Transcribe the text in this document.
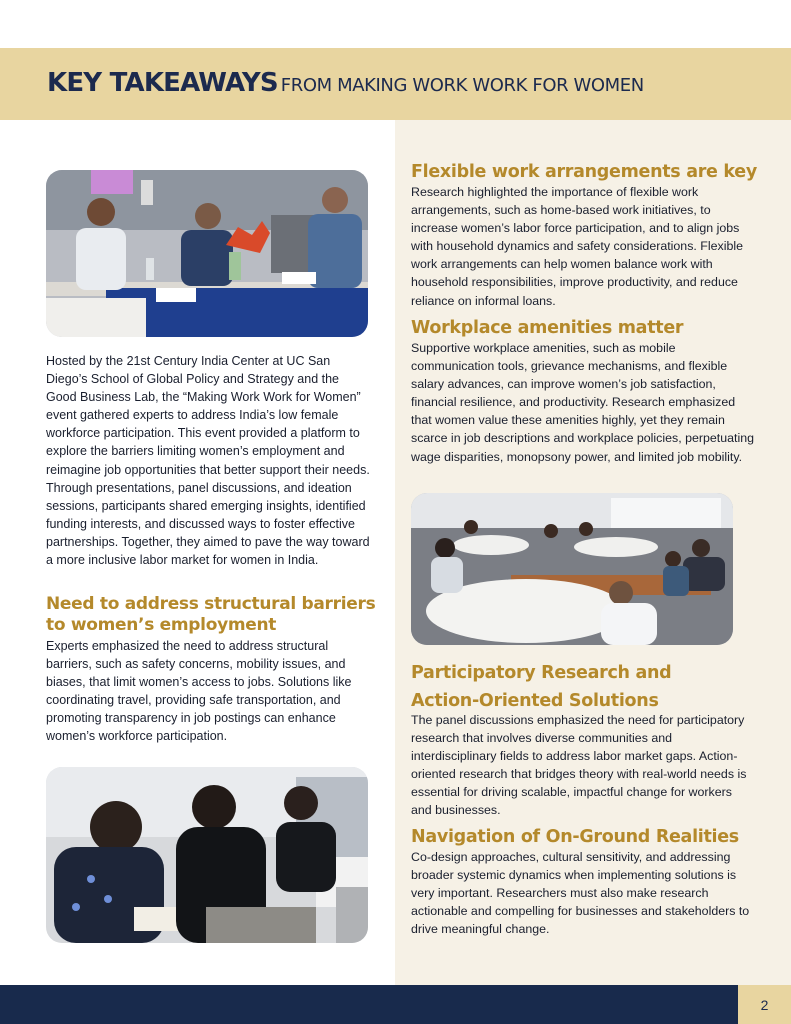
KEY TAKEAWAYS FROM MAKING WORK WORK FOR WOMEN
Hosted by the 21st Century India Center at UC San Diego’s School of Global Policy and Strategy and the Good Business Lab, the “Making Work Work for Women” event gathered experts to address India’s low female workforce participation. This event provided a platform to explore the barriers limiting women’s employment and reimagine job opportunities that better support their needs. Through presentations, panel discussions, and ideation sessions, participants shared emerging insights, identified funding interests, and discussed ways to foster effective partnerships. Together, they aimed to pave the way toward a more inclusive labor market for women in India.
Need to address structural barriers to women’s employment
Experts emphasized the need to address structural barriers, such as safety concerns, mobility issues, and biases, that limit women’s access to jobs. Solutions like coordinating travel, providing safe transportation, and promoting transparency in job postings can enhance women’s workforce participation.
Flexible work arrangements are key
Research highlighted the importance of flexible work arrangements, such as home-based work initiatives, to increase women’s labor force participation, and to align jobs with household dynamics and safety considerations. Flexible work arrangements can help women balance work with household responsibilities, improve productivity, and reduce reliance on informal loans.
Workplace amenities matter
Supportive workplace amenities, such as mobile communication tools, grievance mechanisms, and flexible salary advances, can improve women’s job satisfaction, financial resilience, and productivity. Research emphasized that women value these amenities highly, yet they remain scarce in job descriptions and workplace policies, perpetuating wage disparities, monopsony power, and limited job mobility.
Participatory Research and Action-Oriented Solutions
The panel discussions emphasized the need for participatory research that involves diverse communities and interdisciplinary fields to address labor market gaps. Action-oriented research that bridges theory with real-world needs is essential for driving scalable, impactful change for workers and businesses.
Navigation of On-Ground Realities
Co-design approaches, cultural sensitivity, and addressing broader systemic dynamics when implementing solutions is very important. Researchers must also make research actionable and compelling for businesses and stakeholders to drive meaningful change.
2
